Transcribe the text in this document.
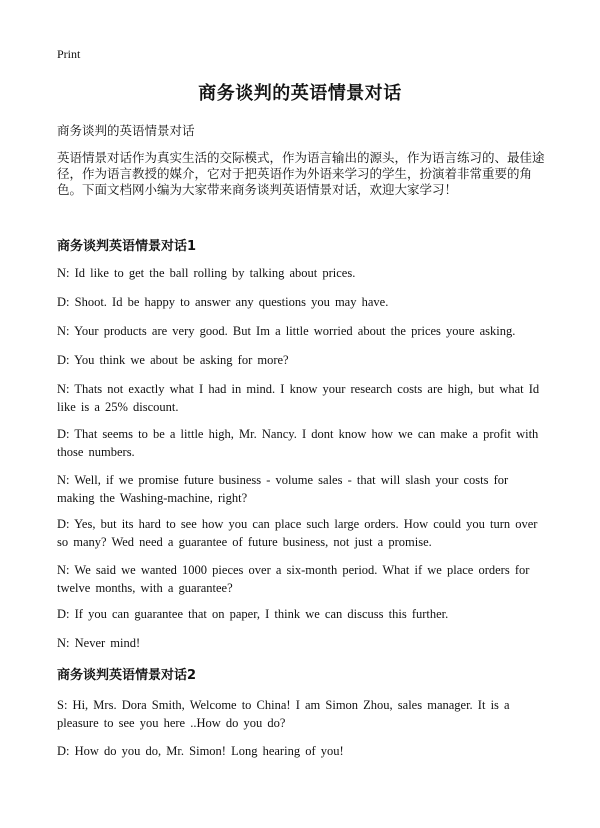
Print
商务谈判的英语情景对话
商务谈判的英语情景对话
英语情景对话作为真实生活的交际模式，作为语言输出的源头，作为语言练习的、最佳途径，作为语言教授的媒介，它对于把英语作为外语来学习的学生，扮演着非常重要的角色。下面文档网小编为大家带来商务谈判英语情景对话，欢迎大家学习！
商务谈判英语情景对话1
N: Id like to get the ball rolling by talking about prices.
D: Shoot. Id be happy to answer any questions you may have.
N: Your products are very good. But Im a little worried about the prices youre asking.
D: You think we about be asking for more?
N: Thats not exactly what I had in mind. I know your research costs are high, but what Id like is a 25% discount.
D: That seems to be a little high, Mr. Nancy. I dont know how we can make a profit with those numbers.
N: Well, if we promise future business - volume sales - that will slash your costs for making the Washing-machine, right?
D: Yes, but its hard to see how you can place such large orders. How could you turn over so many? Wed need a guarantee of future business, not just a promise.
N: We said we wanted 1000 pieces over a six-month period. What if we place orders for twelve months, with a guarantee?
D: If you can guarantee that on paper, I think we can discuss this further.
N: Never mind!
商务谈判英语情景对话2
S: Hi, Mrs. Dora Smith, Welcome to China! I am Simon Zhou, sales manager. It is a pleasure to see you here ..How do you do?
D: How do you do, Mr. Simon! Long hearing of you!
